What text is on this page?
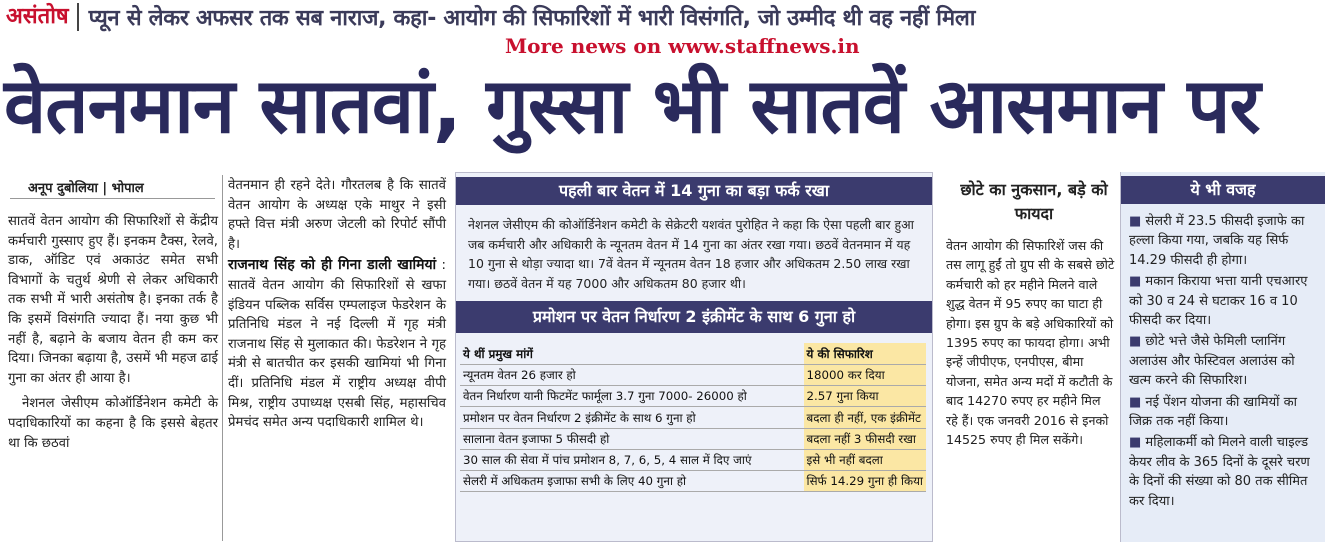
असंतोष प्यून से लेकर अफसर तक सब नाराज, कहा- आयोग की सिफारिशों में भारी विसंगति, जो उम्मीद थी वह नहीं मिला
More news on www.staffnews.in
वेतनमान सातवां, गुस्सा भी सातवें आसमान पर
अनूप दुबोलिया | भोपाल

सातवें वेतन आयोग की सिफारिशों से केंद्रीय कर्मचारी गुस्साए हुए हैं। इनकम टैक्स, रेलवे, डाक, ऑडिट एवं अकाउंट समेत सभी विभागों के चतुर्थ श्रेणी से लेकर अधिकारी तक सभी में भारी असंतोष है। इनका तर्क है कि इसमें विसंगति ज्यादा हैं। नया कुछ भी नहीं है, बढ़ाने के बजाय वेतन ही कम कर दिया। जिनका बढ़ाया है, उसमें भी महज ढाई गुना का अंतर ही आया है।

नेशनल जेसीएम कोऑर्डिनेशन कमेटी के पदाधिकारियों का कहना है कि इससे बेहतर था कि छठवां

वेतनमान ही रहने देते। गौरतलब है कि सातवें वेतन आयोग के अध्यक्ष एके माथुर ने इसी हफ्ते वित्त मंत्री अरुण जेटली को रिपोर्ट सौंपी है।

राजनाथ सिंह को ही गिना डाली खामियां : सातवें वेतन आयोग की सिफारिशों से खफा इंडियन पब्लिक सर्विस एम्पलाइज फेडरेशन के प्रतिनिधि मंडल ने नई दिल्ली में गृह मंत्री राजनाथ सिंह से मुलाकात की। फेडरेशन ने गृह मंत्री से बातचीत कर इसकी खामियां भी गिना दीं। प्रतिनिधि मंडल में राष्ट्रीय अध्यक्ष वीपी मिश्र, राष्ट्रीय उपाध्यक्ष एसबी सिंह, महासचिव प्रेमचंद समेत अन्य पदाधिकारी शामिल थे।

पहली बार वेतन में 14 गुना का बड़ा फर्क रखा
नेशनल जेसीएम की कोऑर्डिनेशन कमेटी के सेक्रेटरी यशवंत पुरोहित ने कहा कि ऐसा पहली बार हुआ जब कर्मचारी और अधिकारी के न्यूनतम वेतन में 14 गुना का अंतर रखा गया। छठवें वेतनमान में यह 10 गुना से थोड़ा ज्यादा था। 7वें वेतन में न्यूनतम वेतन 18 हजार और अधिकतम 2.50 लाख रखा गया। छठवें वेतन में यह 7000 और अधिकतम 80 हजार थी।
प्रमोशन पर वेतन निर्धारण 2 इंक्रीमेंट के साथ 6 गुना हो
ये थीं प्रमुख मांगें	ये की सिफारिश
न्यूनतम वेतन 26 हजार हो	18000 कर दिया
वेतन निर्धारण यानी फिटमेंट फार्मूला 3.7 गुना 7000- 26000 हो	2.57 गुना किया
प्रमोशन पर वेतन निर्धारण 2 इंक्रीमेंट के साथ 6 गुना हो	बदला ही नहीं, एक इंक्रीमेंट
सालाना वेतन इजाफा 5 फीसदी हो	बदला नहीं 3 फीसदी रखा
30 साल की सेवा में पांच प्रमोशन 8, 7, 6, 5, 4 साल में दिए जाएं	इसे भी नहीं बदला
सेलरी में अधिकतम इजाफा सभी के लिए 40 गुना हो	सिर्फ 14.29 गुना ही किया
छोटे का नुकसान, बड़े को फायदा
वेतन आयोग की सिफारिशें जस की तस लागू हुईं तो ग्रुप सी के सबसे छोटे कर्मचारी को हर महीने मिलने वाले शुद्ध वेतन में 95 रुपए का घाटा ही होगा। इस ग्रुप के बड़े अधिकारियों को 1395 रुपए का फायदा होगा। अभी इन्हें जीपीएफ, एनपीएस, बीमा योजना, समेत अन्य मदों में कटौती के बाद 14270 रुपए हर महीने मिल रहे हैं। एक जनवरी 2016 से इनको 14525 रुपए ही मिल सकेंगे।
ये भी वजह
■ सेलरी में 23.5 फीसदी इजाफे का हल्ला किया गया, जबकि यह सिर्फ 14.29 फीसदी ही होगा।
■ मकान किराया भत्ता यानी एचआरए को 30 व 24 से घटाकर 16 व 10 फीसदी कर दिया।
■ छोटे भत्ते जैसे फेमिली प्लानिंग अलाउंस और फेस्टिवल अलाउंस को खत्म करने की सिफारिश।
■ नई पेंशन योजना की खामियों का जिक्र तक नहीं किया।
■ महिलाकर्मी को मिलने वाली चाइल्ड केयर लीव के 365 दिनों के दूसरे चरण के दिनों की संख्या को 80 तक सीमित कर दिया।
